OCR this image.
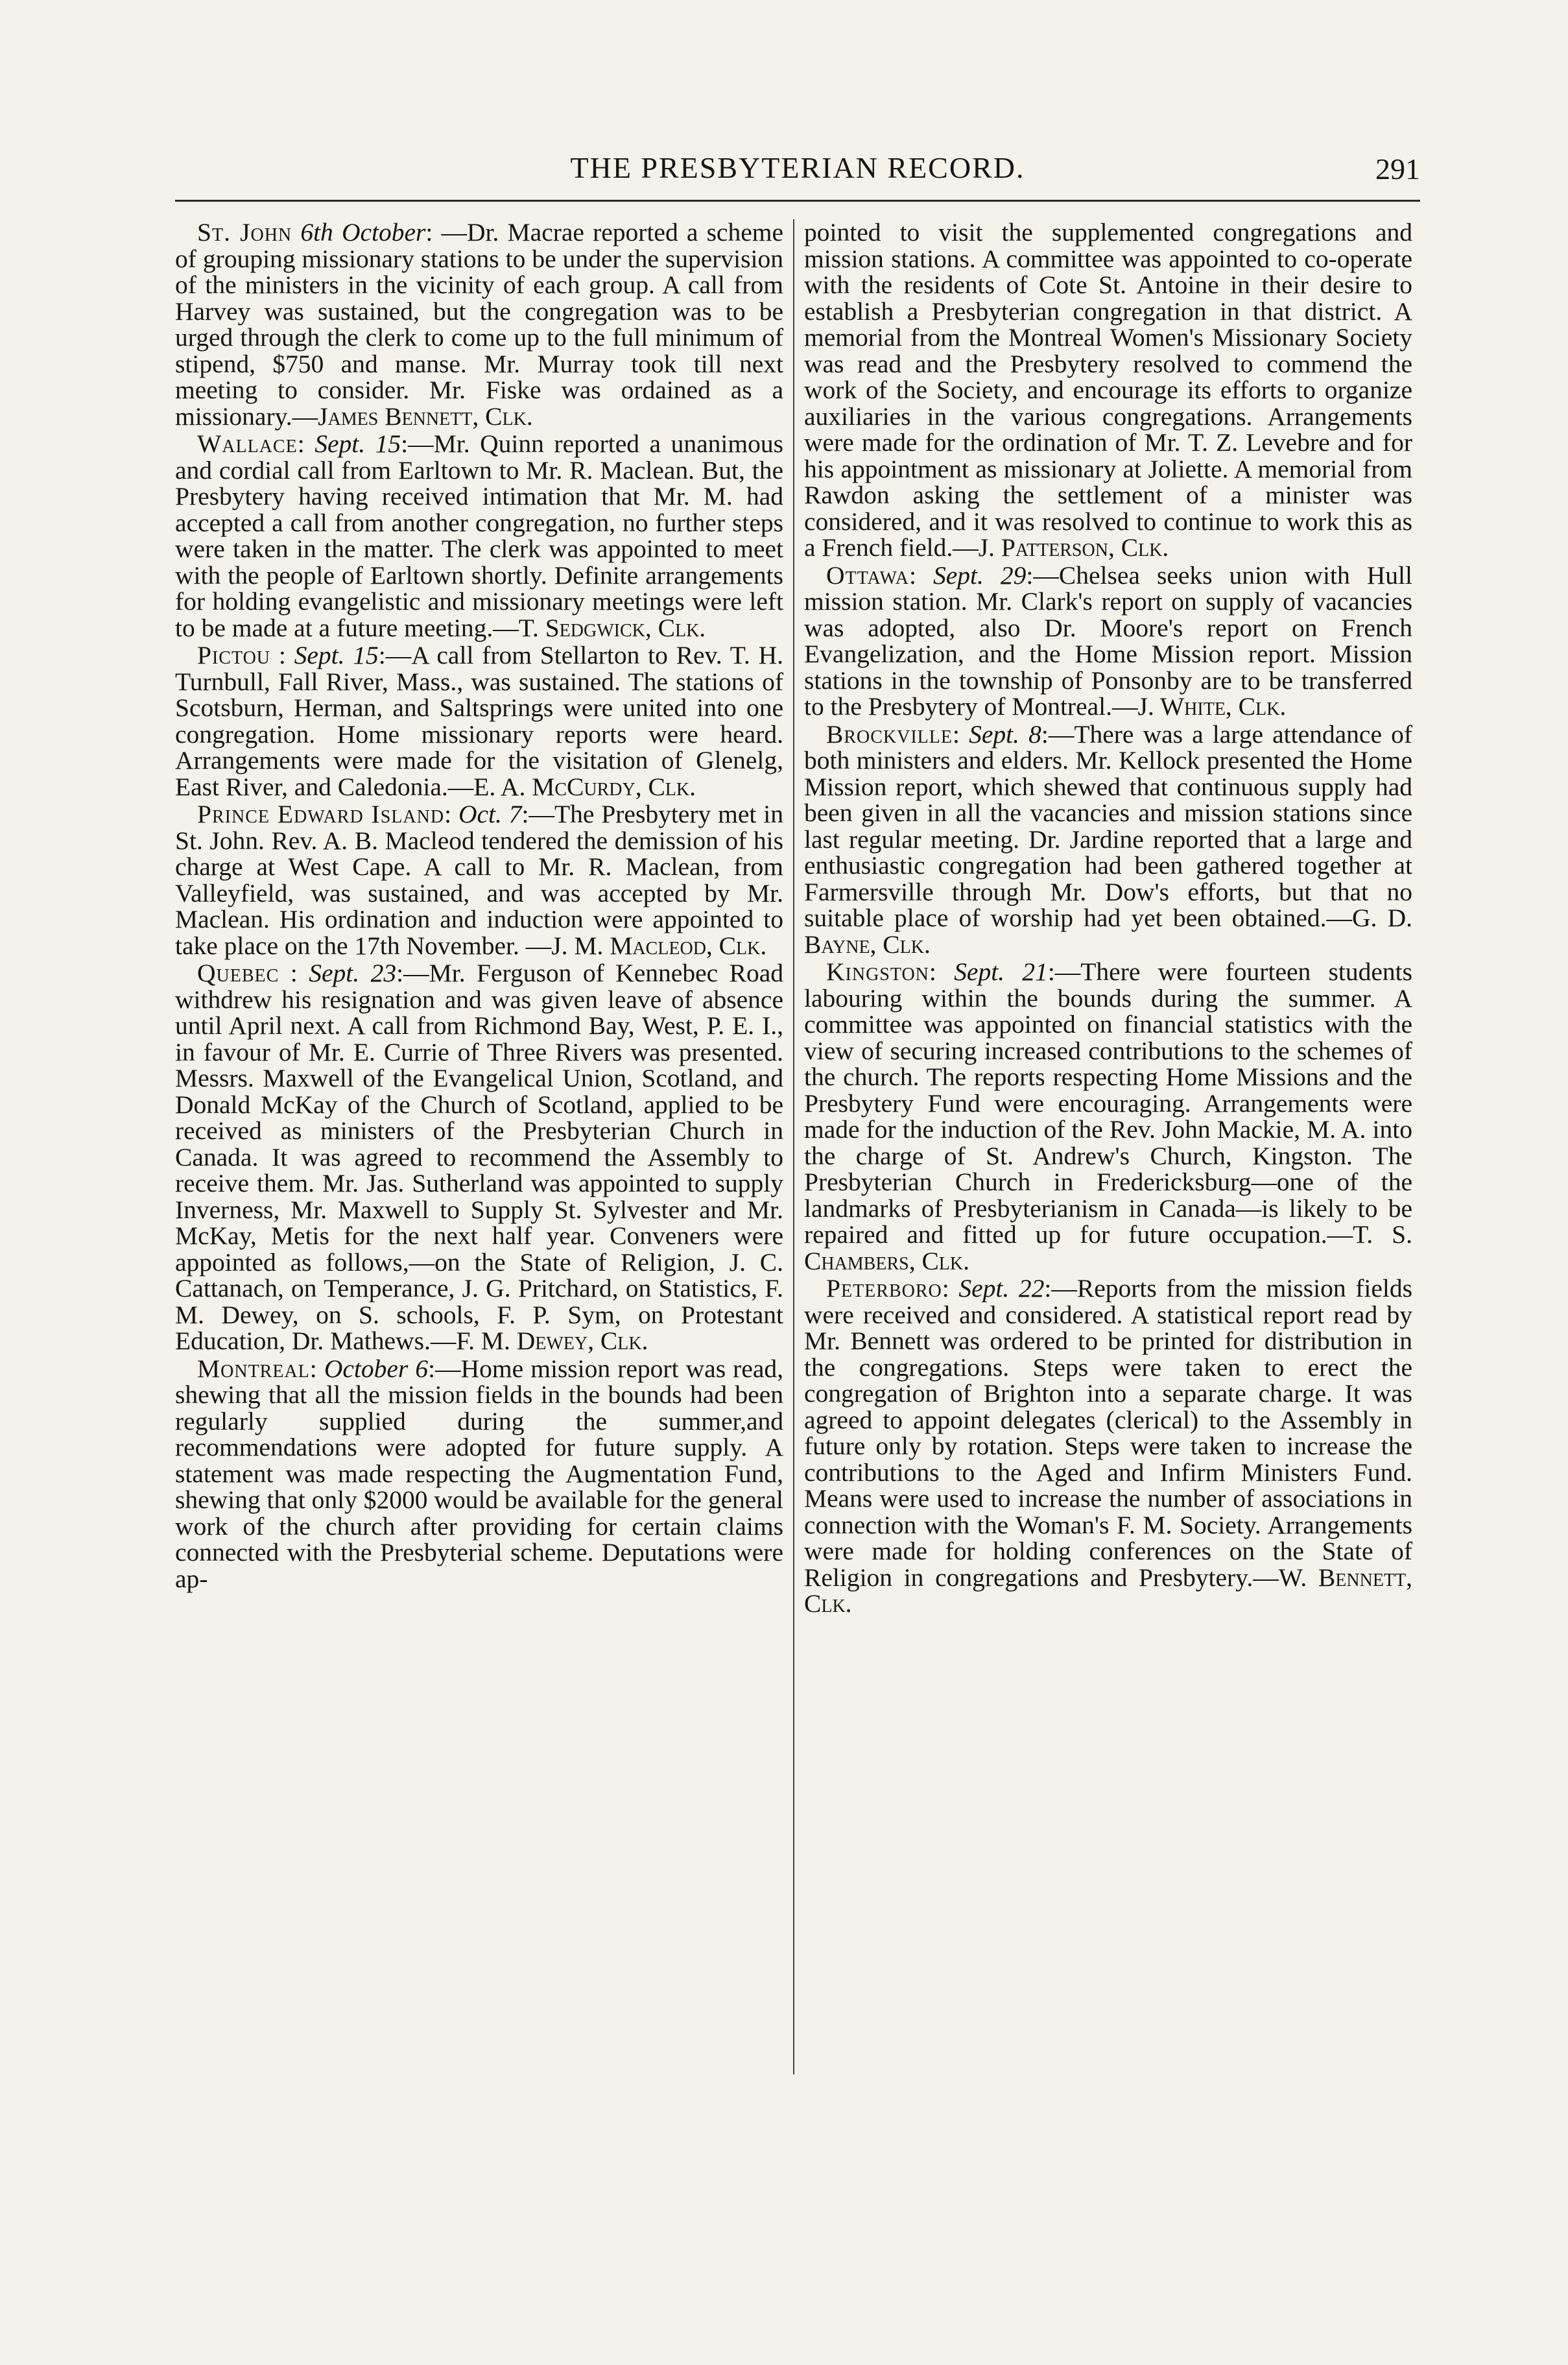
THE PRESBYTERIAN RECORD.	291

St. John 6th October: —Dr. Macrae reported a scheme of grouping missionary stations to be under the supervision of the ministers in the vicinity of each group. A call from Harvey was sustained, but the congregation was to be urged through the clerk to come up to the full minimum of stipend, $750 and manse. Mr. Murray took till next meeting to consider. Mr. Fiske was ordained as a missionary.—James Bennett, Clk.

Wallace: Sept. 15:—Mr. Quinn reported a unanimous and cordial call from Earltown to Mr. R. Maclean. But, the Presbytery having received intimation that Mr. M. had accepted a call from another congregation, no further steps were taken in the matter. The clerk was appointed to meet with the people of Earltown shortly. Definite arrangements for holding evangelistic and missionary meetings were left to be made at a future meeting.—T. Sedgwick, Clk.

Pictou : Sept. 15:—A call from Stellarton to Rev. T. H. Turnbull, Fall River, Mass., was sustained. The stations of Scotsburn, Herman, and Saltsprings were united into one congregation. Home missionary reports were heard. Arrangements were made for the visitation of Glenelg, East River, and Caledonia.—E. A. McCurdy, Clk.

Prince Edward Island: Oct. 7:—The Presbytery met in St. John. Rev. A. B. Macleod tendered the demission of his charge at West Cape. A call to Mr. R. Maclean, from Valleyfield, was sustained, and was accepted by Mr. Maclean. His ordination and induction were appointed to take place on the 17th November. —J. M. Macleod, Clk.

Quebec : Sept. 23:—Mr. Ferguson of Kennebec Road withdrew his resignation and was given leave of absence until April next. A call from Richmond Bay, West, P. E. I., in favour of Mr. E. Currie of Three Rivers was presented. Messrs. Maxwell of the Evangelical Union, Scotland, and Donald McKay of the Church of Scotland, applied to be received as ministers of the Presbyterian Church in Canada. It was agreed to recommend the Assembly to receive them. Mr. Jas. Sutherland was appointed to supply Inverness, Mr. Maxwell to Supply St. Sylvester and Mr. McKay, Metis for the next half year. Conveners were appointed as follows,—on the State of Religion, J. C. Cattanach, on Temperance, J. G. Pritchard, on Statistics, F. M. Dewey, on S. schools, F. P. Sym, on Protestant Education, Dr. Mathews.—F. M. Dewey, Clk.

Montreal: October 6:—Home mission report was read, shewing that all the mission fields in the bounds had been regularly supplied during the summer,and recommendations were adopted for future supply. A statement was made respecting the Augmentation Fund, shewing that only $2000 would be available for the general work of the church after providing for certain claims connected with the Presbyterial scheme. Deputations were ap-

pointed to visit the supplemented congregations and mission stations. A committee was appointed to co-operate with the residents of Cote St. Antoine in their desire to establish a Presbyterian congregation in that district. A memorial from the Montreal Women's Missionary Society was read and the Presbytery resolved to commend the work of the Society, and encourage its efforts to organize auxiliaries in the various congregations. Arrangements were made for the ordination of Mr. T. Z. Levebre and for his appointment as missionary at Joliette. A memorial from Rawdon asking the settlement of a minister was considered, and it was resolved to continue to work this as a French field.—J. Patterson, Clk.

Ottawa: Sept. 29:—Chelsea seeks union with Hull mission station. Mr. Clark's report on supply of vacancies was adopted, also Dr. Moore's report on French Evangelization, and the Home Mission report. Mission stations in the township of Ponsonby are to be transferred to the Presbytery of Montreal.—J. White, Clk.

Brockville: Sept. 8:—There was a large attendance of both ministers and elders. Mr. Kellock presented the Home Mission report, which shewed that continuous supply had been given in all the vacancies and mission stations since last regular meeting. Dr. Jardine reported that a large and enthusiastic congregation had been gathered together at Farmersville through Mr. Dow's efforts, but that no suitable place of worship had yet been obtained.—G. D. Bayne, Clk.

Kingston: Sept. 21:—There were fourteen students labouring within the bounds during the summer. A committee was appointed on financial statistics with the view of securing increased contributions to the schemes of the church. The reports respecting Home Missions and the Presbytery Fund were encouraging. Arrangements were made for the induction of the Rev. John Mackie, M. A. into the charge of St. Andrew's Church, Kingston. The Presbyterian Church in Fredericksburg—one of the landmarks of Presbyterianism in Canada—is likely to be repaired and fitted up for future occupation.—T. S. Chambers, Clk.

Peterboro: Sept. 22:—Reports from the mission fields were received and considered. A statistical report read by Mr. Bennett was ordered to be printed for distribution in the congregations. Steps were taken to erect the congregation of Brighton into a separate charge. It was agreed to appoint delegates (clerical) to the Assembly in future only by rotation. Steps were taken to increase the contributions to the Aged and Infirm Ministers Fund. Means were used to increase the number of associations in connection with the Woman's F. M. Society. Arrangements were made for holding conferences on the State of Religion in congregations and Presbytery.—W. Bennett, Clk.
